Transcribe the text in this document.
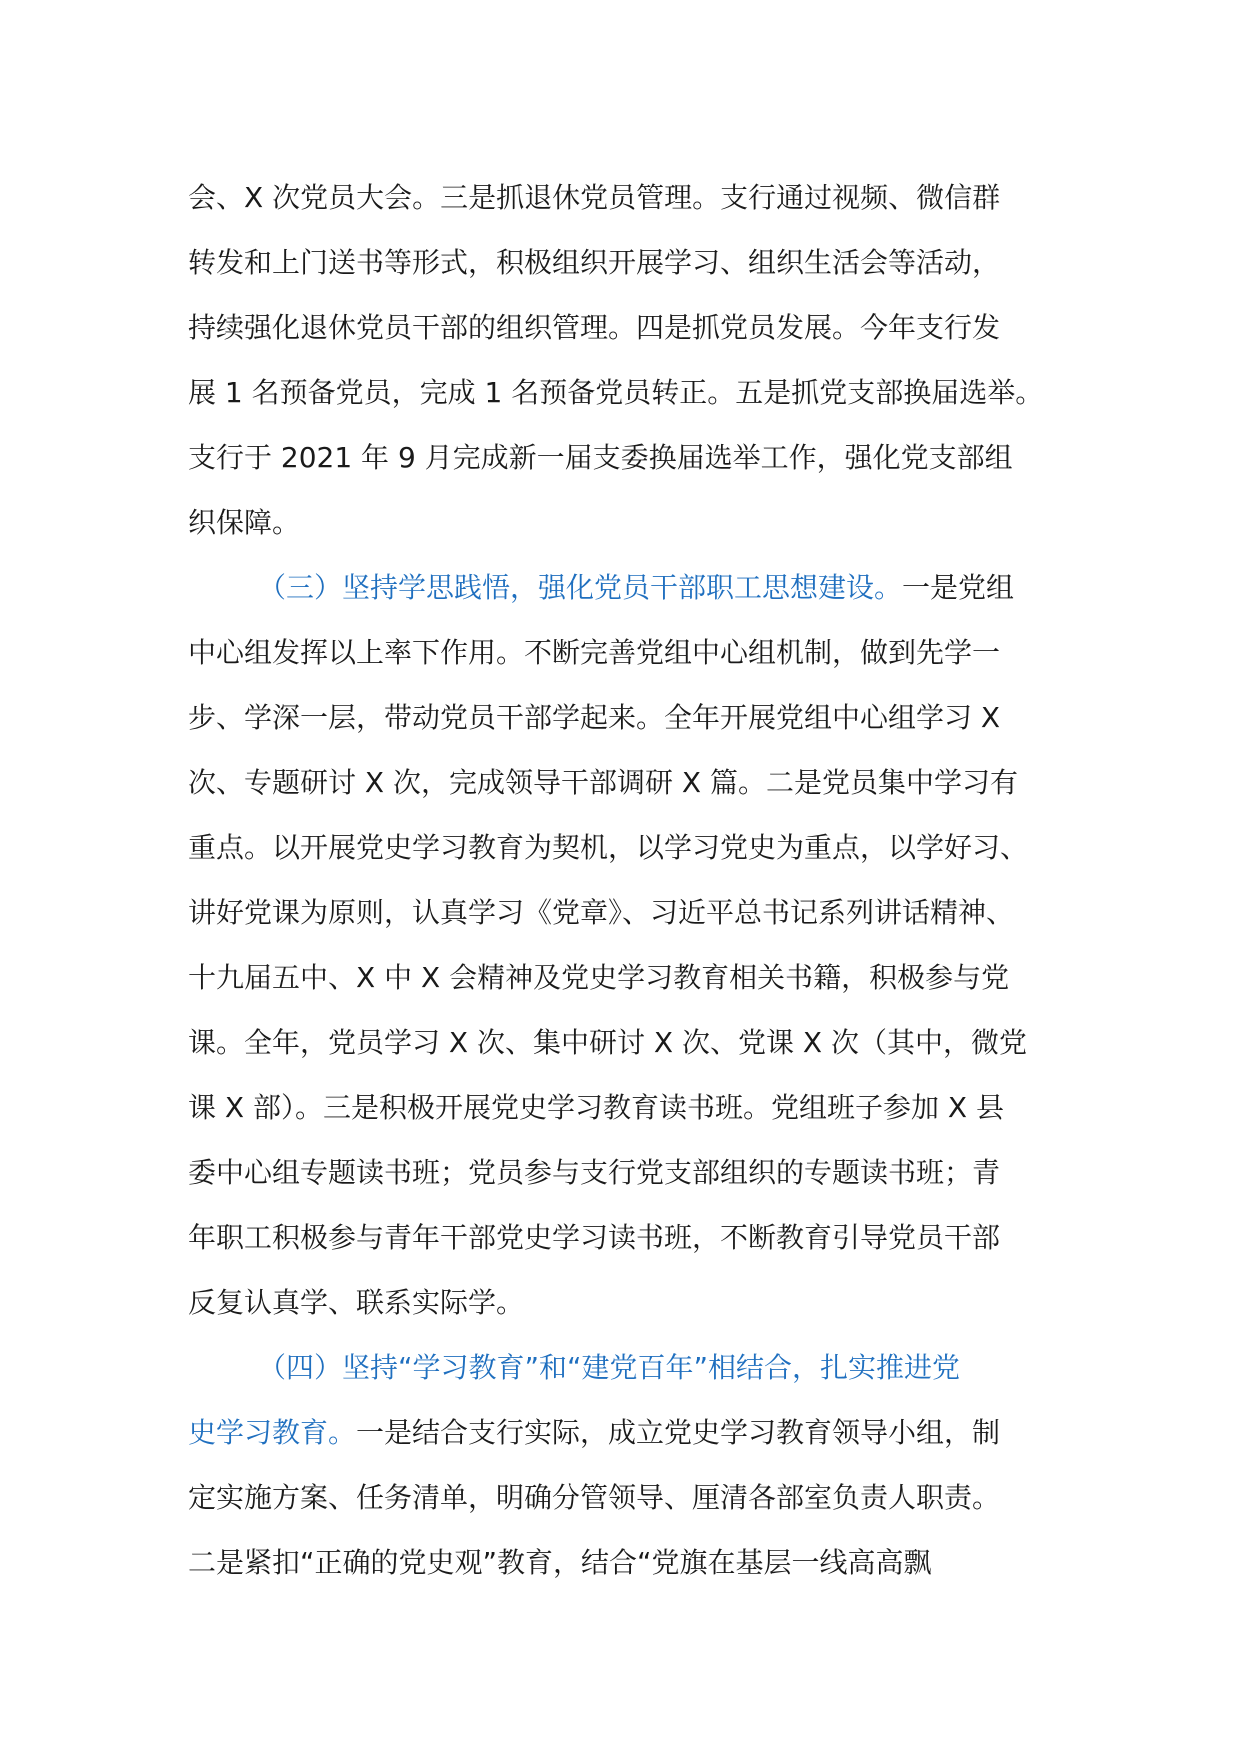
会、X 次党员大会。三是抓退休党员管理。支行通过视频、微信群
转发和上门送书等形式，积极组织开展学习、组织生活会等活动，
持续强化退休党员干部的组织管理。四是抓党员发展。今年支行发
展 1 名预备党员，完成 1 名预备党员转正。五是抓党支部换届选举。
支行于 2021 年 9 月完成新一届支委换届选举工作，强化党支部组
织保障。
（三）坚持学思践悟，强化党员干部职工思想建设。一是党组
中心组发挥以上率下作用。不断完善党组中心组机制，做到先学一
步、学深一层，带动党员干部学起来。全年开展党组中心组学习 X
次、专题研讨 X 次，完成领导干部调研 X 篇。二是党员集中学习有
重点。以开展党史学习教育为契机，以学习党史为重点，以学好习、
讲好党课为原则，认真学习《党章》、习近平总书记系列讲话精神、
十九届五中、X 中 X 会精神及党史学习教育相关书籍，积极参与党
课。全年，党员学习 X 次、集中研讨 X 次、党课 X 次（其中，微党
课 X 部）。三是积极开展党史学习教育读书班。党组班子参加 X 县
委中心组专题读书班；党员参与支行党支部组织的专题读书班；青
年职工积极参与青年干部党史学习读书班，不断教育引导党员干部
反复认真学、联系实际学。
（四）坚持“学习教育”和“建党百年”相结合，扎实推进党
史学习教育。一是结合支行实际，成立党史学习教育领导小组，制
定实施方案、任务清单，明确分管领导、厘清各部室负责人职责。
二是紧扣“正确的党史观”教育，结合“党旗在基层一线高高飘
